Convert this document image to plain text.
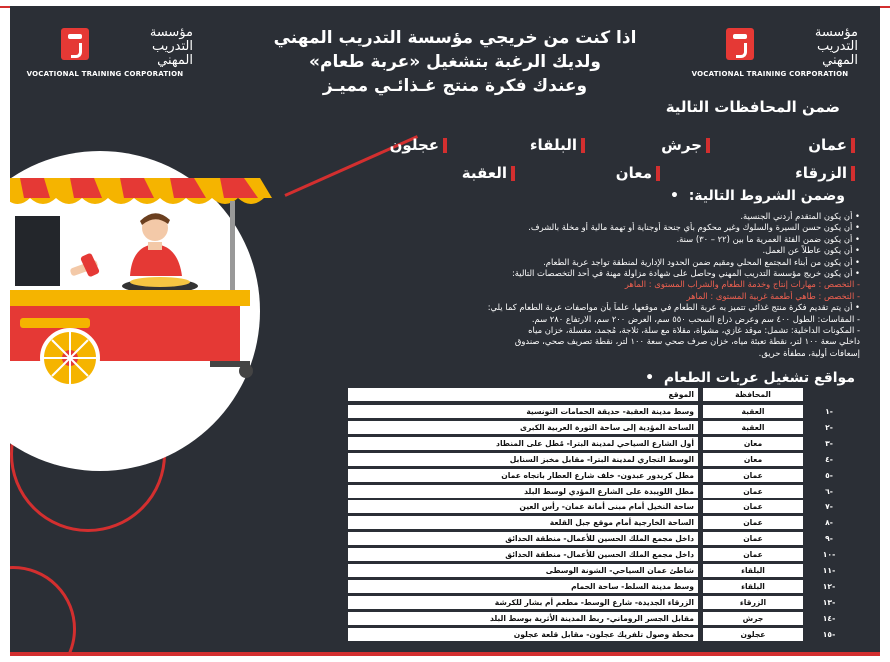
مؤسسة
التدريب
المهني
VOCATIONAL TRAINING CORPORATION
مؤسسة
التدريب
المهني
VOCATIONAL TRAINING CORPORATION
اذا كنت من خريجي مؤسسة التدريب المهني
ولديك الرغبة بتشغيل «عربة طعام»
وعندك فكرة منتج غـذائـي مميـز
ضمن المحافظات التالية
عمان
جرش
البلقاء
عجلون
الزرقاء
معان
العقبة
وضمن الشروط التالية:  •
• أن يكون المتقدم أردني الجنسية.
• أن يكون حسن السيرة والسلوك وغير محكوم بأي جنحة أوجناية أو تهمة مالية أو مخلة بالشرف.
• أن يكون ضمن الفئة العمرية ما بين (٢٢ – ٣٠) سنة.
• أن يكون عاطلاً عن العمل.
• أن يكون من أبناء المجتمع المحلي ومقيم ضمن الحدود الإدارية لمنطقة تواجد عربة الطعام.
• أن يكون خريج مؤسسة التدريب المهني وحاصل على شهادة مزاولة مهنة في أحد التخصصات التالية:
- التخصص : مهارات إنتاج وخدمة الطعام والشراب المستوى : الماهر
- التخصص : طاهي أطعمة غربية المستوى : الماهر
• أن يتم تقديم فكرة منتج غذائي تتميز به عربة الطعام في موقعها، علماً بأن مواصفات عربة الطعام كما يلي:
- المقاسات: الطول ٤٠٠ سم وعرض ذراع السحب ٥٥٠ سم، العرض ٢٠٠ سم، الارتفاع ٢٨٠ سم.
- المكونات الداخلية: تشمل: موقد غازي، مشواة، مقلاة مع سلة، ثلاجة، مُجمد، مغسلة، خزان مياه
داخلي سعة ١٠٠ لتر، نقطة تعبئة مياه، خزان صرف صحي سعة ١٠٠ لتر، نقطة تصريف صحي، صندوق
إسعافات أولية، مطفأة حريق.
مواقع تشغيل عربات الطعام  •
الموقع	المحافظة
وسط مدينة العقبة- حديقة الحمامات التونسية	العقبة	-١
الساحة المؤدية إلى ساحة الثورة العربية الكبرى	العقبة	-٢
أول الشارع السياحي لمدينة البترا- مُطل على المنطاد	معان	-٣
الوسط التجاري لمدينة البترا- مقابل مخبز السنابل	معان	-٤
مطل كريدور عبدون- خلف شارع العطار باتجاه عمان	عمان	-٥
مطل اللويبدة على الشارع المؤدي لوسط البلد	عمان	-٦
ساحة النخيل أمام مبنى أمانة عمان- رأس العين	عمان	-٧
الساحة الخارجية أمام موقع جبل القلعة	عمان	-٨
داخل مجمع الملك الحسين للأعمال- منطقة الحدائق	عمان	-٩
داخل مجمع الملك الحسين للأعمال- منطقة الحدائق	عمان	-١٠
شاطئ عمان السياحي- الشونة الوسطى	البلقاء	-١١
وسط مدينة السلط- ساحة الحمام	البلقاء	-١٢
الزرقاء الجديدة- شارع الوسط- مطعم أم بشار للكرشة	الزرقاء	-١٣
مقابل الجسر الروماني- ربط المدينة الأثرية بوسط البلد	جرش	-١٤
محطة وصول تلفريك عجلون- مقابل قلعة عجلون	عجلون	-١٥
